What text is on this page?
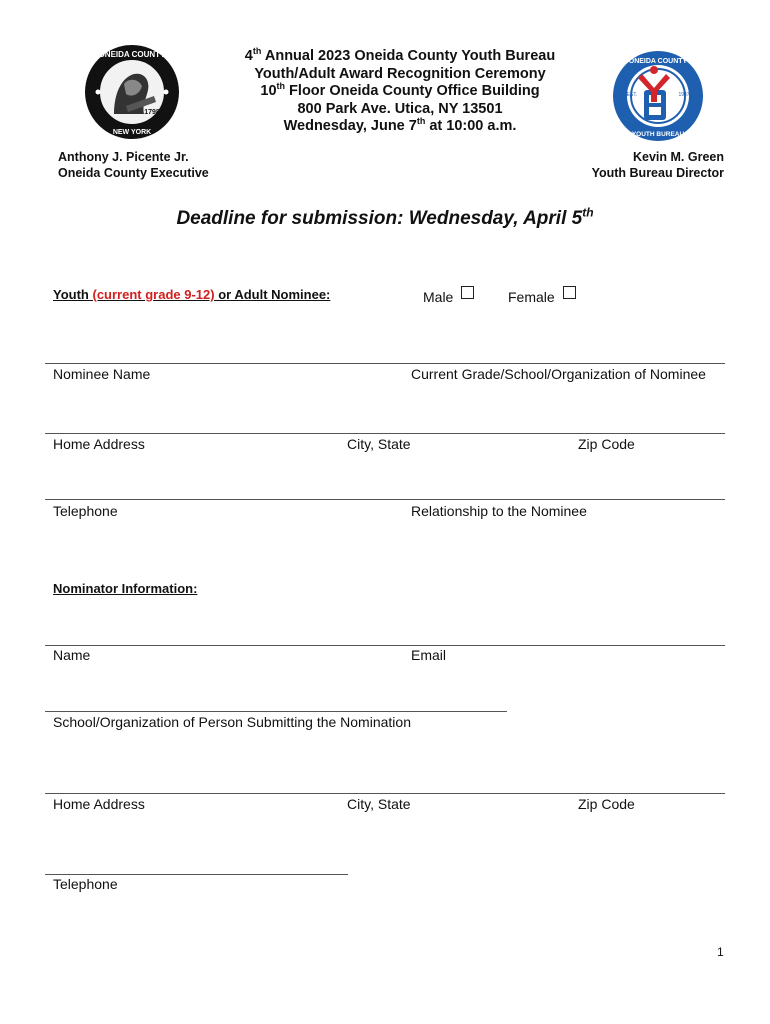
ONEIDA COUNTY
NEW YORK
1798
4th Annual 2023 Oneida County Youth Bureau
Youth/Adult Award Recognition Ceremony
10th Floor Oneida County Office Building
800 Park Ave. Utica, NY 13501
Wednesday, June 7th at 10:00 a.m.
ONEIDA COUNTY
YOUTH BUREAU
EST.	1947
Anthony J. Picente Jr.
Oneida County Executive
Kevin M. Green
Youth Bureau Director
Deadline for submission: Wednesday, April 5th
Youth (current grade 9-12) or Adult Nominee:	Male	Female
Nominee Name	Current Grade/School/Organization of Nominee
Home Address	City, State	Zip Code
Telephone	Relationship to the Nominee
Nominator Information:
Name	Email
School/Organization of Person Submitting the Nomination
Home Address	City, State	Zip Code
Telephone
1
